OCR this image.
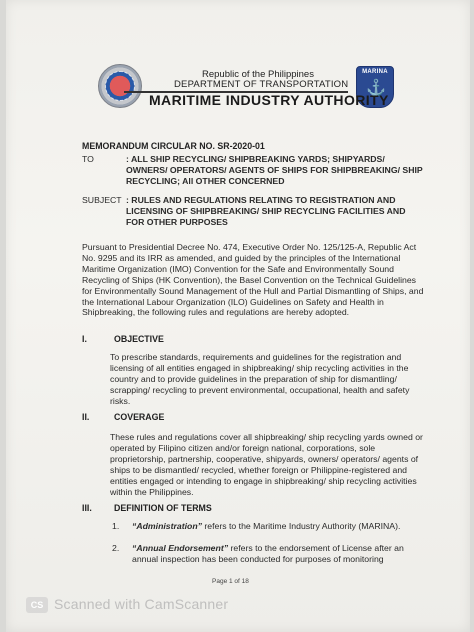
MARINA
⚓
Republic of the Philippines
DEPARTMENT OF TRANSPORTATION
MARITIME INDUSTRY AUTHORITY
MEMORANDUM CIRCULAR NO. SR-2020-01
TO	: ALL SHIP RECYCLING/ SHIPBREAKING YARDS; SHIPYARDS/ OWNERS/ OPERATORS/ AGENTS OF SHIPS FOR SHIPBREAKING/ SHIP RECYCLING; All OTHER CONCERNED
SUBJECT : RULES AND REGULATIONS RELATING TO REGISTRATION AND LICENSING OF SHIPBREAKING/ SHIP RECYCLING FACILITIES AND FOR OTHER PURPOSES
Pursuant to Presidential Decree No. 474, Executive Order No. 125/125-A, Republic Act No. 9295 and its IRR as amended, and guided by the principles of the International Maritime Organization (IMO) Convention for the Safe and Environmentally Sound Recycling of Ships (HK Convention), the Basel Convention on the Technical Guidelines for Environmentally Sound Management of the Hull and Partial Dismantling of Ships, and the International Labour Organization (ILO) Guidelines on Safety and Health in Shipbreaking, the following rules and regulations are hereby adopted.
I.	OBJECTIVE
To prescribe standards, requirements and guidelines for the registration and licensing of all entities engaged in shipbreaking/ ship recycling activities in the country and to provide guidelines in the preparation of ship for dismantling/ scrapping/ recycling to prevent environmental, occupational, health and safety risks.
II.	COVERAGE
These rules and regulations cover all shipbreaking/ ship recycling yards owned or operated by Filipino citizen and/or foreign national, corporations, sole proprietorship, partnership, cooperative, shipyards, owners/ operators/ agents of ships to be dismantled/ recycled, whether foreign or Philippine-registered and entities engaged or intending to engage in shipbreaking/ ship recycling activities within the Philippines.
III.	DEFINITION OF TERMS
1. “Administration” refers to the Maritime Industry Authority (MARINA).
2. “Annual Endorsement” refers to the endorsement of License after an annual inspection has been conducted for purposes of monitoring
Page 1 of 18
CS Scanned with CamScanner
